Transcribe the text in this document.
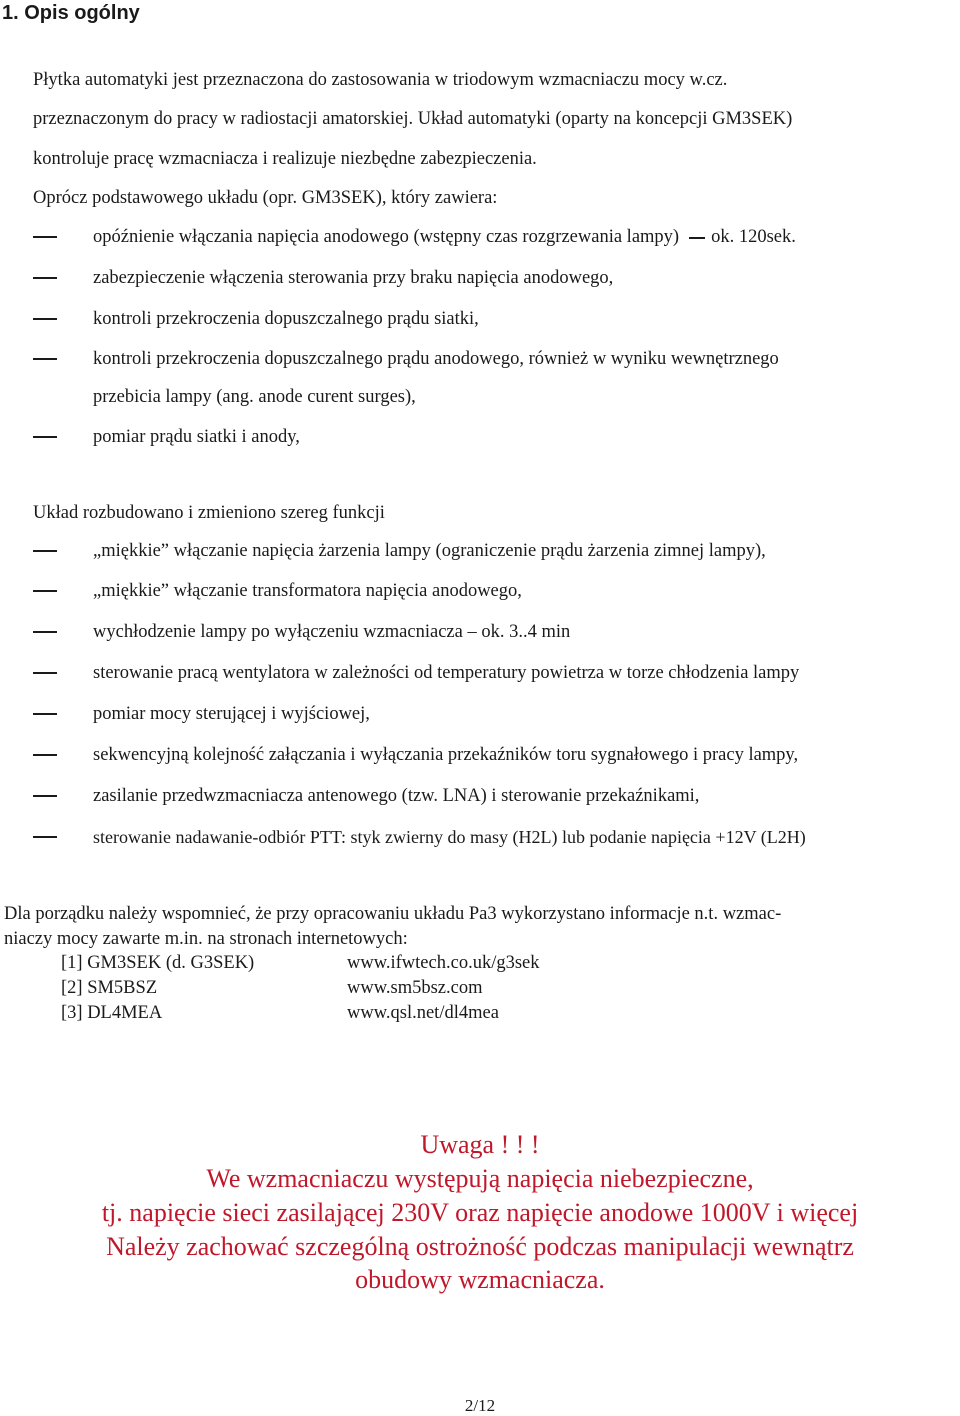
1. Opis ogólny
Płytka automatyki jest przeznaczona do zastosowania w triodowym wzmacniaczu mocy w.cz.
przeznaczonym do pracy w radiostacji amatorskiej. Układ automatyki (oparty na koncepcji GM3SEK)
kontroluje pracę wzmacniacza i realizuje niezbędne zabezpieczenia.
Oprócz podstawowego układu (opr. GM3SEK), który zawiera:
opóźnienie włączania napięcia anodowego (wstępny czas rozgrzewania lampy) ok. 120sek.
zabezpieczenie włączenia sterowania przy braku napięcia anodowego,
kontroli przekroczenia dopuszczalnego prądu siatki,
kontroli przekroczenia dopuszczalnego prądu anodowego, również w wyniku wewnętrznego
przebicia lampy (ang. anode curent surges),
pomiar prądu siatki i anody,
Układ rozbudowano i zmieniono szereg funkcji
„miękkie” włączanie napięcia żarzenia lampy (ograniczenie prądu żarzenia zimnej lampy),
„miękkie” włączanie transformatora napięcia anodowego,
wychłodzenie lampy po wyłączeniu wzmacniacza – ok. 3..4 min
sterowanie pracą wentylatora w zależności od temperatury powietrza w torze chłodzenia lampy
pomiar mocy sterującej i wyjściowej,
sekwencyjną kolejność załączania i wyłączania przekaźników toru sygnałowego i pracy lampy,
zasilanie przedwzmacniacza antenowego (tzw. LNA) i sterowanie przekaźnikami,
sterowanie nadawanie-odbiór PTT: styk zwierny do masy (H2L) lub podanie napięcia +12V (L2H)
Dla porządku należy wspomnieć, że przy opracowaniu układu Pa3 wykorzystano informacje n.t. wzmac-
niaczy mocy zawarte m.in. na stronach internetowych:
[1] GM3SEK (d. G3SEK)	www.ifwtech.co.uk/g3sek
[2] SM5BSZ	www.sm5bsz.com
[3] DL4MEA	www.qsl.net/dl4mea
Uwaga ! ! !
We wzmacniaczu występują napięcia niebezpieczne,
tj. napięcie sieci zasilającej 230V oraz napięcie anodowe 1000V i więcej
Należy zachować szczególną ostrożność podczas manipulacji wewnątrz
obudowy wzmacniacza.
2/12
